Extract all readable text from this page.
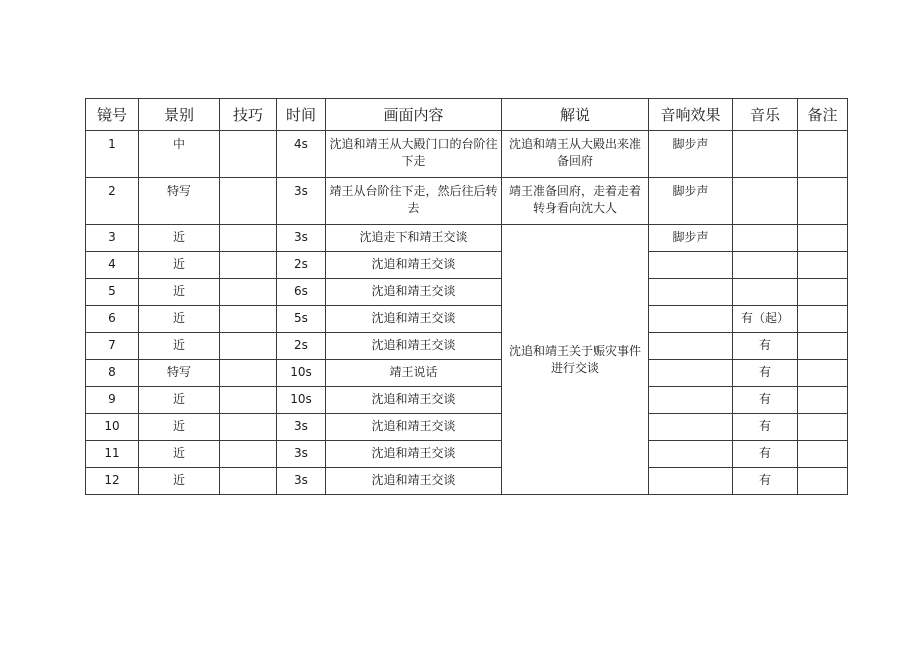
镜号	景别	技巧	时间	画面内容	解说	音响效果	音乐	备注
1	中		4s	沈追和靖王从大殿门口的台阶往下走	沈追和靖王从大殿出来准备回府	脚步声		
2	特写		3s	靖王从台阶往下走，然后往后转去	靖王准备回府，走着走着转身看向沈大人	脚步声		
3	近		3s	沈追走下和靖王交谈	沈追和靖王关于赈灾事件进行交谈	脚步声		
4	近		2s	沈追和靖王交谈				
5	近		6s	沈追和靖王交谈				
6	近		5s	沈追和靖王交谈			有（起）	
7	近		2s	沈追和靖王交谈			有	
8	特写		10s	靖王说话			有	
9	近		10s	沈追和靖王交谈			有	
10	近		3s	沈追和靖王交谈			有	
11	近		3s	沈追和靖王交谈			有	
12	近		3s	沈追和靖王交谈			有	
